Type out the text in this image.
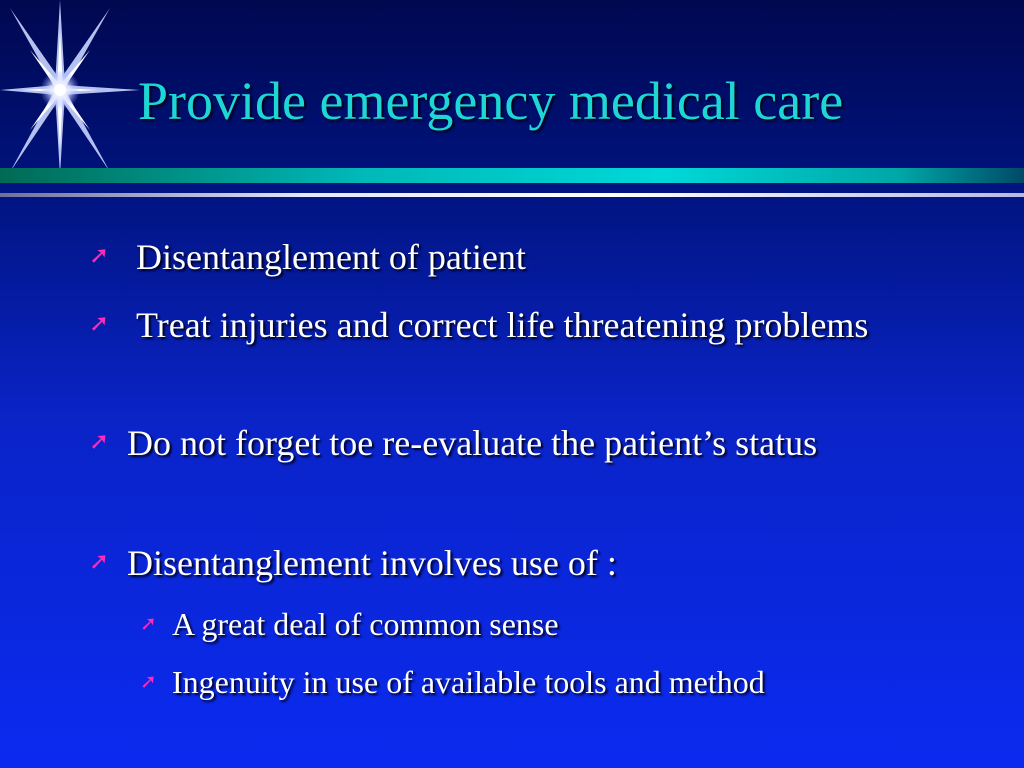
Provide emergency medical care
➚ Disentanglement of patient
➚ Treat injuries and correct life threatening problems
➚ Do not forget toe re-evaluate the patient’s status
➚ Disentanglement involves use of :
➚ A great deal of common sense
➚ Ingenuity in use of available tools and method
